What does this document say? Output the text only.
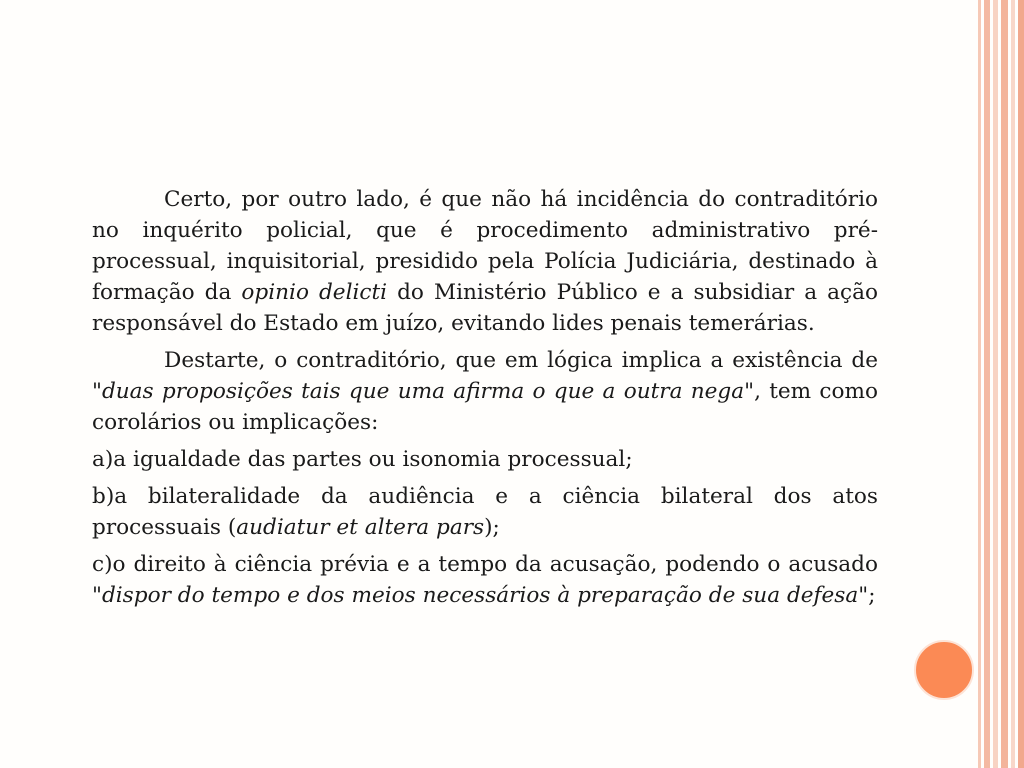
Certo, por outro lado, é que não há incidência do contraditório no inquérito policial, que é procedimento administrativo pré-processual, inquisitorial, presidido pela Polícia Judiciária, destinado à formação da opinio delicti do Ministério Público e a subsidiar a ação responsável do Estado em juízo, evitando lides penais temerárias.

Destarte, o contraditório, que em lógica implica a existência de "duas proposições tais que uma afirma o que a outra nega", tem como corolários ou implicações:

a)a igualdade das partes ou isonomia processual;

b)a bilateralidade da audiência e a ciência bilateral dos atos processuais (audiatur et altera pars);

c)o direito à ciência prévia e a tempo da acusação, podendo o acusado "dispor do tempo e dos meios necessários à preparação de sua defesa";
